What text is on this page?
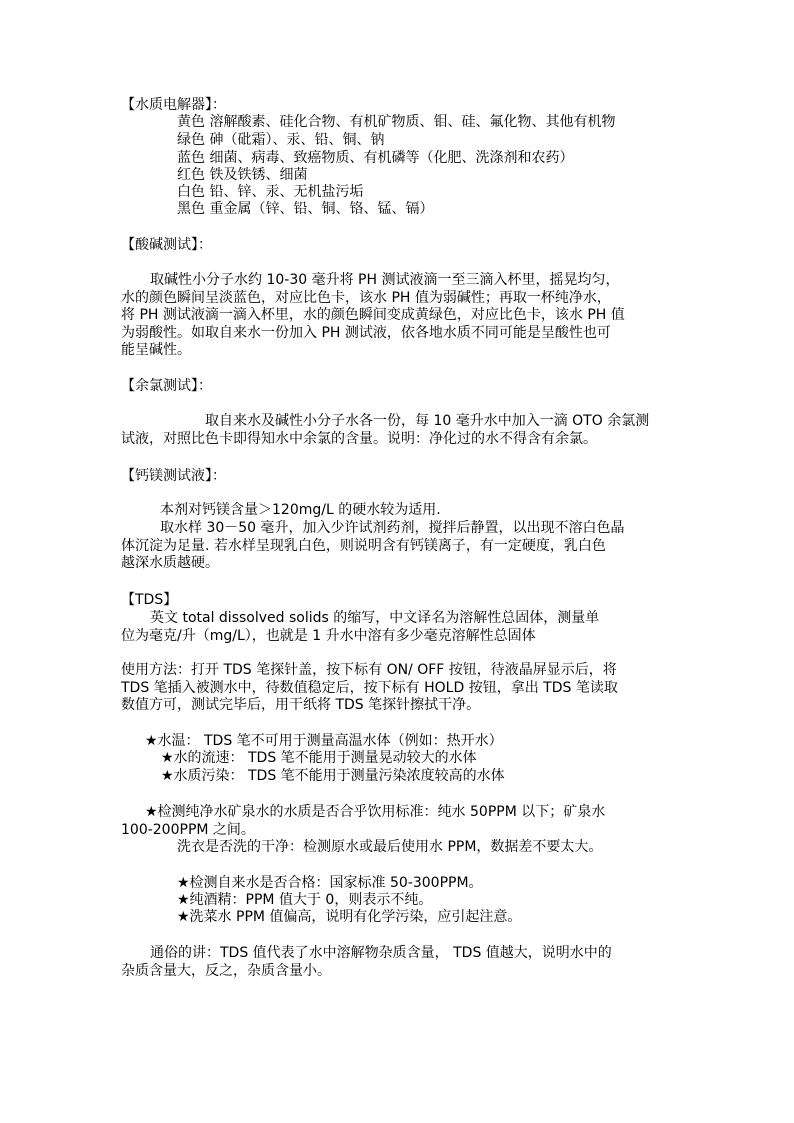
【水质电解器】：
黄色 溶解酸素、硅化合物、有机矿物质、钼、硅、氟化物、其他有机物
绿色 砷（砒霜）、汞、铅、铜、钠
蓝色 细菌、病毒、致癌物质、有机磷等（化肥、洗涤剂和农药）
红色 铁及铁锈、细菌
白色 铅、锌、汞、无机盐污垢
黑色 重金属（锌、铅、铜、铬、锰、镉）
【酸碱测试】：
取碱性小分子水约 10-30 毫升将 PH 测试液滴一至三滴入杯里，摇晃均匀，
水的颜色瞬间呈淡蓝色，对应比色卡，该水 PH 值为弱碱性；再取一杯纯净水，
将 PH 测试液滴一滴入杯里，水的颜色瞬间变成黄绿色，对应比色卡，该水 PH 值
为弱酸性。如取自来水一份加入 PH 测试液，依各地水质不同可能是呈酸性也可
能呈碱性。
【余氯测试】：
取自来水及碱性小分子水各一份，每 10 毫升水中加入一滴 OTO 余氯测
试液，对照比色卡即得知水中余氯的含量。说明：净化过的水不得含有余氯。
【钙镁测试液】：
本剂对钙镁含量＞120mg/L 的硬水较为适用.
取水样 30－50 毫升，加入少许试剂药剂，搅拌后静置，以出现不溶白色晶
体沉淀为足量. 若水样呈现乳白色，则说明含有钙镁离子，有一定硬度，乳白色
越深水质越硬。
【TDS】
英文 total dissolved solids 的缩写，中文译名为溶解性总固体，测量单
位为毫克/升（mg/L），也就是 1 升水中溶有多少毫克溶解性总固体
使用方法：打开 TDS 笔探针盖，按下标有 ON/ OFF 按钮，待液晶屏显示后，将
TDS 笔插入被测水中，待数值稳定后，按下标有 HOLD 按钮，拿出 TDS 笔读取
数值方可，测试完毕后，用干纸将 TDS 笔探针擦拭干净。
★水温： TDS 笔不可用于测量高温水体（例如：热开水）
★水的流速： TDS 笔不能用于测量晃动较大的水体
★水质污染： TDS 笔不能用于测量污染浓度较高的水体
★检测纯净水矿泉水的水质是否合乎饮用标准：纯水 50PPM 以下；矿泉水
100-200PPM 之间。
洗衣是否洗的干净：检测原水或最后使用水 PPM，数据差不要太大。
★检测自来水是否合格：国家标准 50-300PPM。
★纯酒精：PPM 值大于 0，则表示不纯。
★洗菜水 PPM 值偏高，说明有化学污染，应引起注意。
通俗的讲：TDS 值代表了水中溶解物杂质含量， TDS 值越大，说明水中的
杂质含量大，反之，杂质含量小。
